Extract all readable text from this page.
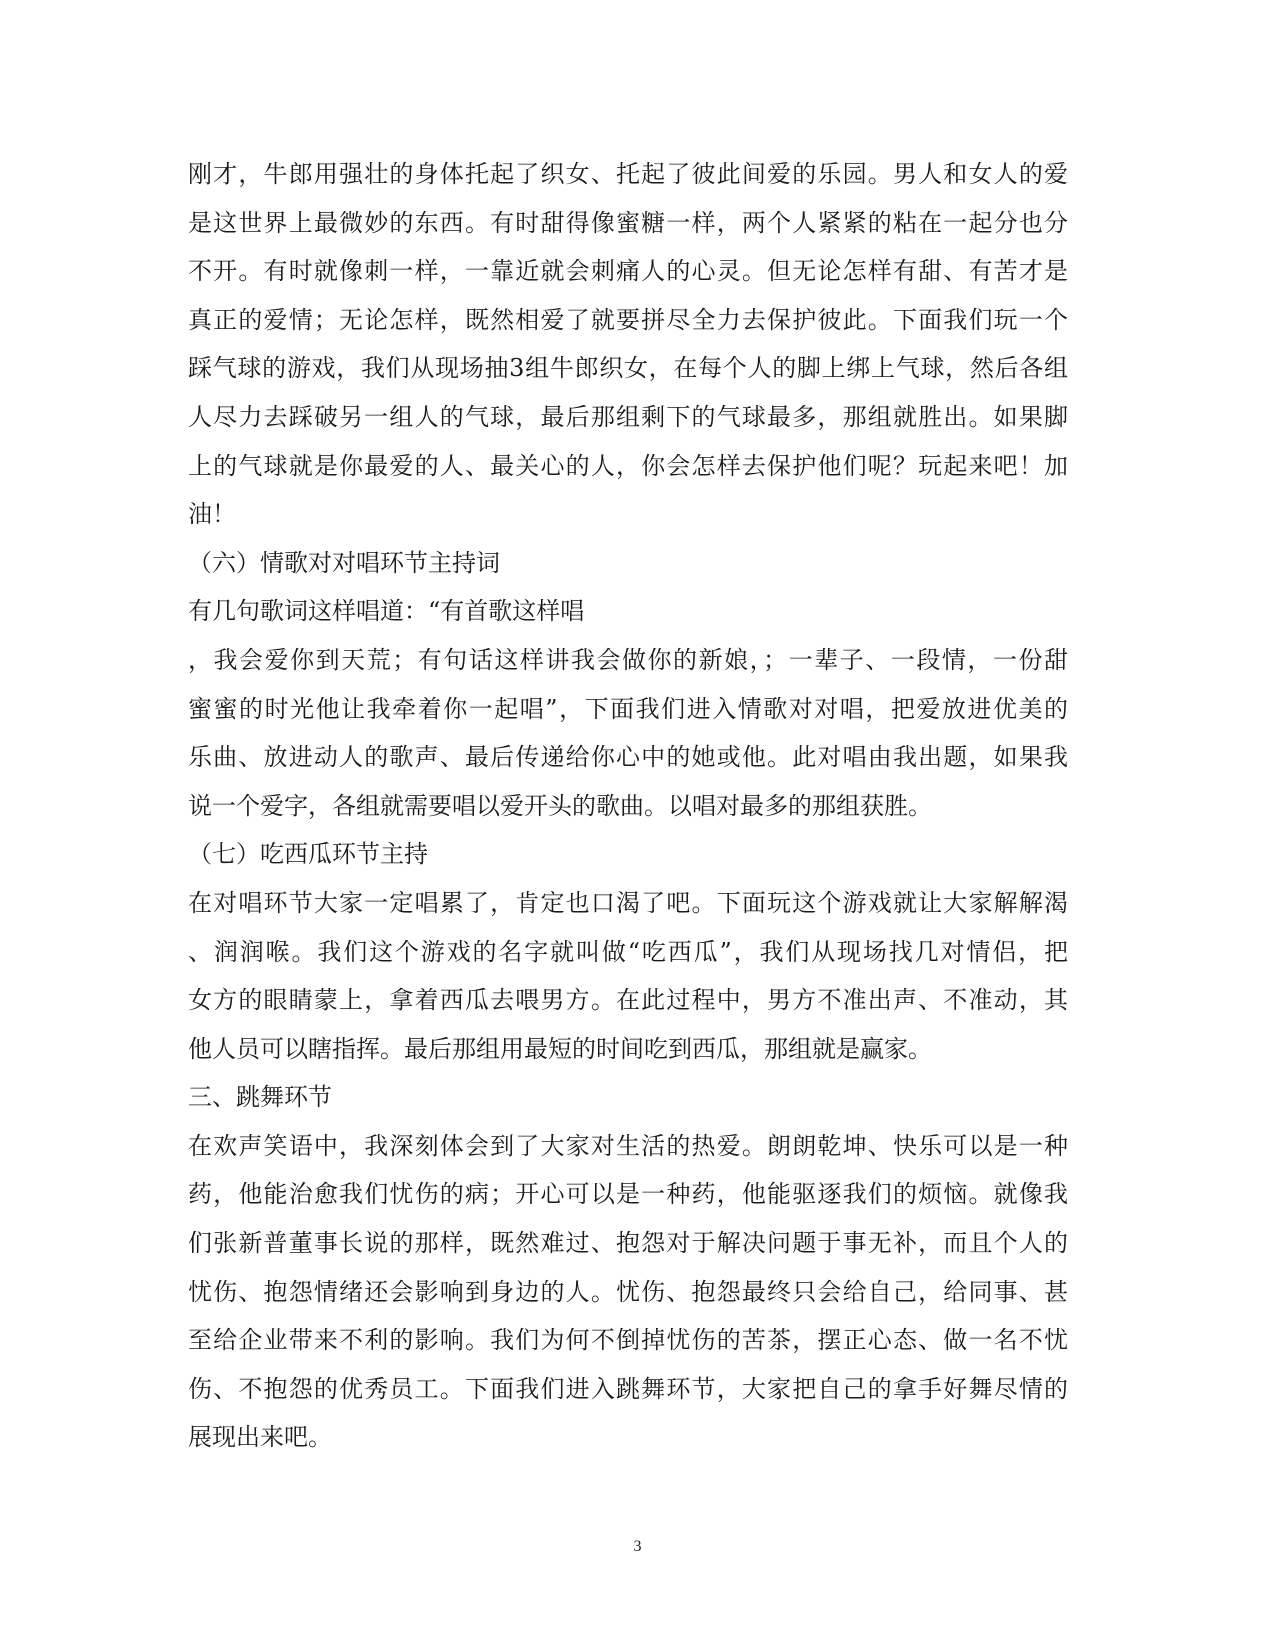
刚才，牛郎用强壮的身体托起了织女、托起了彼此间爱的乐园。男人和女人的爱
是这世界上最微妙的东西。有时甜得像蜜糖一样，两个人紧紧的粘在一起分也分
不开。有时就像刺一样，一靠近就会刺痛人的心灵。但无论怎样有甜、有苦才是
真正的爱情；无论怎样，既然相爱了就要拼尽全力去保护彼此。下面我们玩一个
踩气球的游戏，我们从现场抽3组牛郎织女，在每个人的脚上绑上气球，然后各组
人尽力去踩破另一组人的气球，最后那组剩下的气球最多，那组就胜出。如果脚
上的气球就是你最爱的人、最关心的人，你会怎样去保护他们呢？玩起来吧！加
油！
（六）情歌对对唱环节主持词
有几句歌词这样唱道：“有首歌这样唱
，我会爱你到天荒；有句话这样讲我会做你的新娘，；一辈子、一段情，一份甜
蜜蜜的时光他让我牵着你一起唱”，下面我们进入情歌对对唱，把爱放进优美的
乐曲、放进动人的歌声、最后传递给你心中的她或他。此对唱由我出题，如果我
说一个爱字，各组就需要唱以爱开头的歌曲。以唱对最多的那组获胜。
（七）吃西瓜环节主持
在对唱环节大家一定唱累了，肯定也口渴了吧。下面玩这个游戏就让大家解解渴
、润润喉。我们这个游戏的名字就叫做“吃西瓜”，我们从现场找几对情侣，把
女方的眼睛蒙上，拿着西瓜去喂男方。在此过程中，男方不准出声、不准动，其
他人员可以瞎指挥。最后那组用最短的时间吃到西瓜，那组就是赢家。
三、跳舞环节
在欢声笑语中，我深刻体会到了大家对生活的热爱。朗朗乾坤、快乐可以是一种
药，他能治愈我们忧伤的病；开心可以是一种药，他能驱逐我们的烦恼。就像我
们张新普董事长说的那样，既然难过、抱怨对于解决问题于事无补，而且个人的
忧伤、抱怨情绪还会影响到身边的人。忧伤、抱怨最终只会给自己，给同事、甚
至给企业带来不利的影响。我们为何不倒掉忧伤的苦茶，摆正心态、做一名不忧
伤、不抱怨的优秀员工。下面我们进入跳舞环节，大家把自己的拿手好舞尽情的
展现出来吧。
3
